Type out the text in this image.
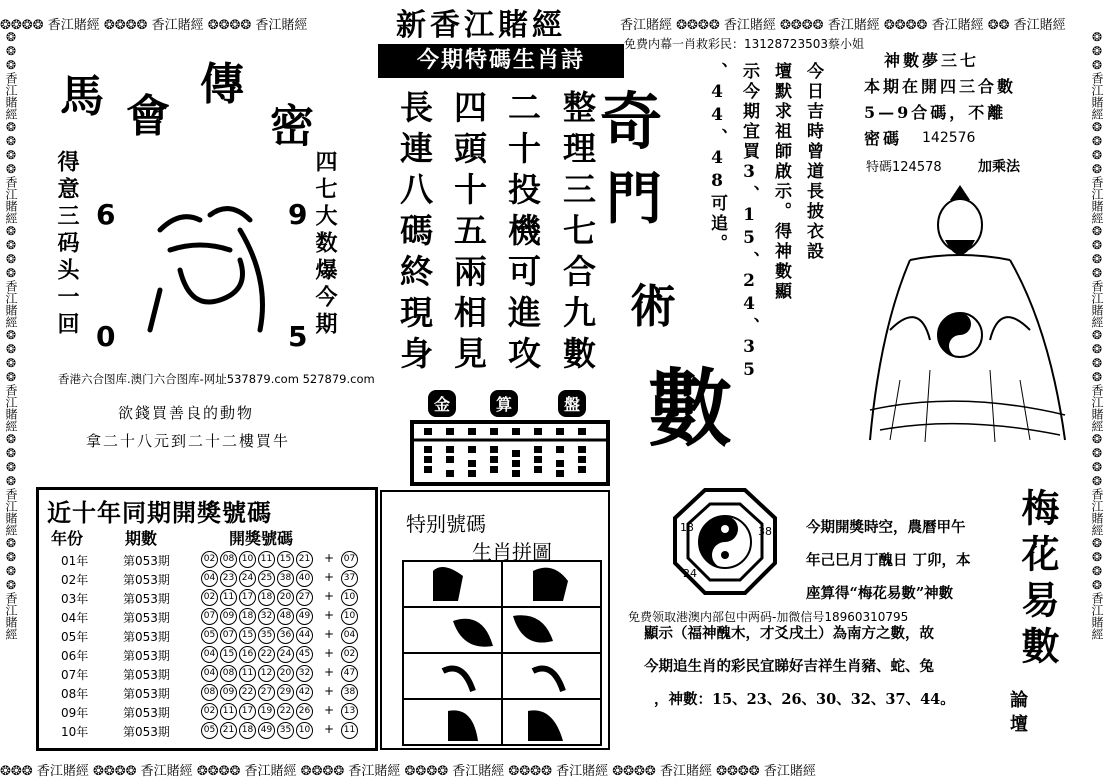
❂❂❂❂ 香江賭經 ❂❂❂❂ 香江賭經 ❂❂❂❂ 香江賭經	香江賭經 ❂❂❂❂ 香江賭經 ❂❂❂❂ 香江賭經 ❂❂❂❂ 香江賭經 ❂❂ 香江賭經
❂❂❂ 香江賭經 ❂❂❂❂ 香江賭經 ❂❂❂❂ 香江賭經 ❂❂❂❂ 香江賭經 ❂❂❂❂ 香江賭經 ❂❂❂❂ 香江賭經 ❂❂❂❂ 香江賭經 ❂❂❂❂ 香江賭經
❂❂❂香江賭經❂❂❂❂香江賭經❂❂❂❂香江賭經❂❂❂❂香江賭經❂❂❂❂香江賭經❂❂❂❂香江賭經
❂❂❂香江賭經❂❂❂❂香江賭經❂❂❂❂香江賭經❂❂❂❂香江賭經❂❂❂❂香江賭經❂❂❂❂香江賭經
新香江賭經
今期特碼生肖詩
免费内幕一肖救彩民：13128723503蔡小姐
馬 會
傳
密
得意三码头一回	四七大数爆今期
6
0
9
5
香港六合图库.澳门六合图库-网址537879.com 527879.com
欲錢買善良的動物
拿二十八元到二十二樓買牛
整理三七合九數
二十投機可進攻
四頭十五兩相見
長連八碼終現身	奇
門
術
數
金	算	盤
今日吉時曾道長披衣設
壇默求祖師啟示。得神數顯
示今期宜買3、15、24、35
、44、48可追。
神數夢三七
本期在開四三合數
5—9合碼，不離
密碼 142576
特碼124578	加乘法
近十年同期開獎號碼
年份	期數	開獎號碼
01年	第053期	02 08 10 11 15 21 +	07
02年	第053期	04 23 24 25 38 40 +	37
03年	第053期	02 11 17 18 20 27 +	10
04年	第053期	07 09 18 32 48 49 +	10
05年	第053期	05 07 15 35 36 44 +	04
06年	第053期	04 15 16 22 24 45 +	02
07年	第053期	04 08 11 12 20 32 +	47
08年	第053期	08 09 22 27 29 42 +	38
09年	第053期	02 11 17 19 22 26 +	13
10年	第053期	05 21 18 49 35 10 +	11
特别號碼
生肖拼圖
13	38
24
今期開獎時空，農曆甲午
年己巳月丁醜日 丁卯，本
座算得“梅花易數”神數
免费领取港澳内部包中两码-加微信号18960310795
顯示（福神醜木，才爻戌土）為南方之數，故
今期追生肖的彩民宜睇好吉祥生肖豬、蛇、兔
，神數：15、23、26、30、32、37、44。
梅花易數
論壇
